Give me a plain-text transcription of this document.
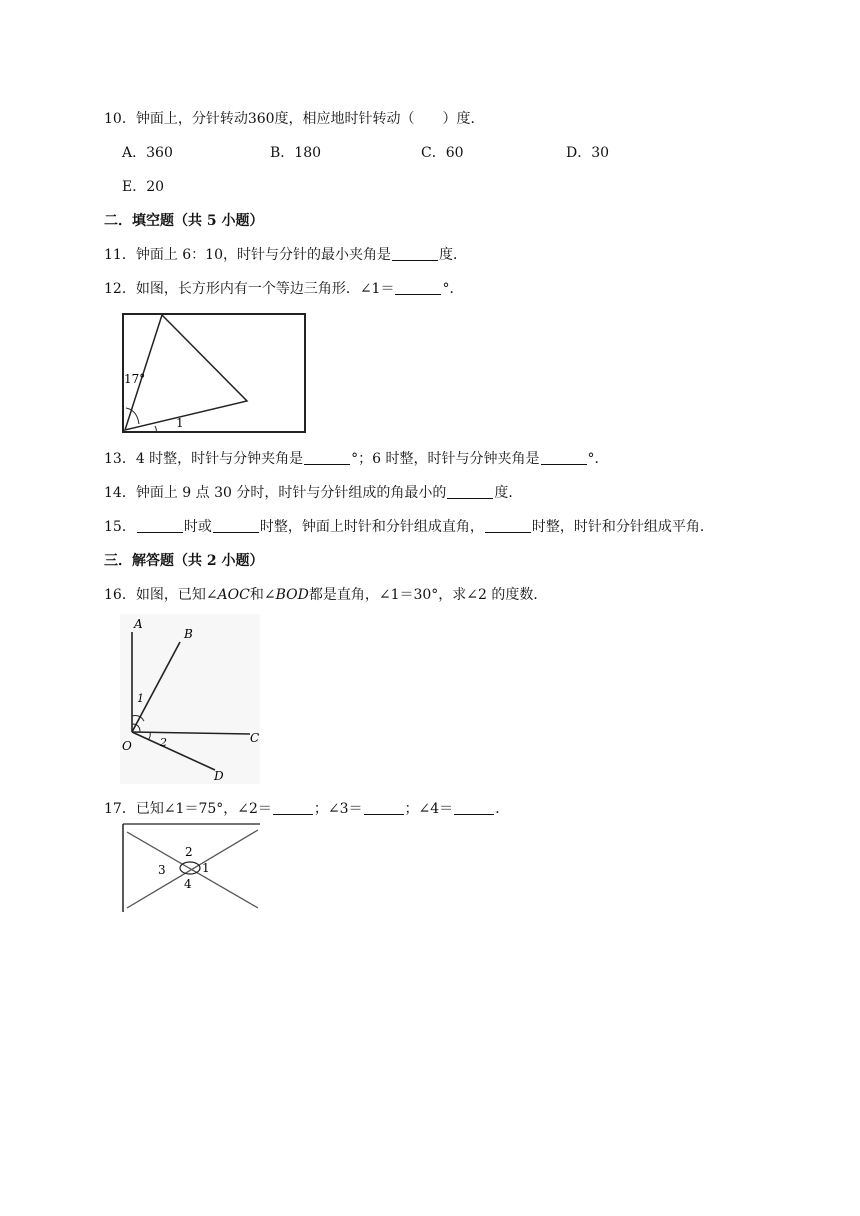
10．钟面上，分针转动360度，相应地时针转动（　　）度．
A．360	B．180	C．60	D．30
E．20
二．填空题（共 5 小题）
11．钟面上 6：10，时针与分针的最小夹角是	度．
12．如图，长方形内有一个等边三角形．∠1＝	°．
17°
1
13．4 时整，时针与分钟夹角是	°；6 时整，时针与分钟夹角是	°．
14．钟面上 9 点 30 分时，时针与分针组成的角最小的	度．
15．	时或	时整，钟面上时针和分针组成直角，	时整，时针和分针组成平角．
三．解答题（共 2 小题）
16．如图，已知∠AOC和∠BOD都是直角，∠1＝30°，求∠2 的度数．
A
B
C
D
O
1
2
17．已知∠1＝75°，∠2＝	；∠3＝	；∠4＝	．
2
1
3
4
